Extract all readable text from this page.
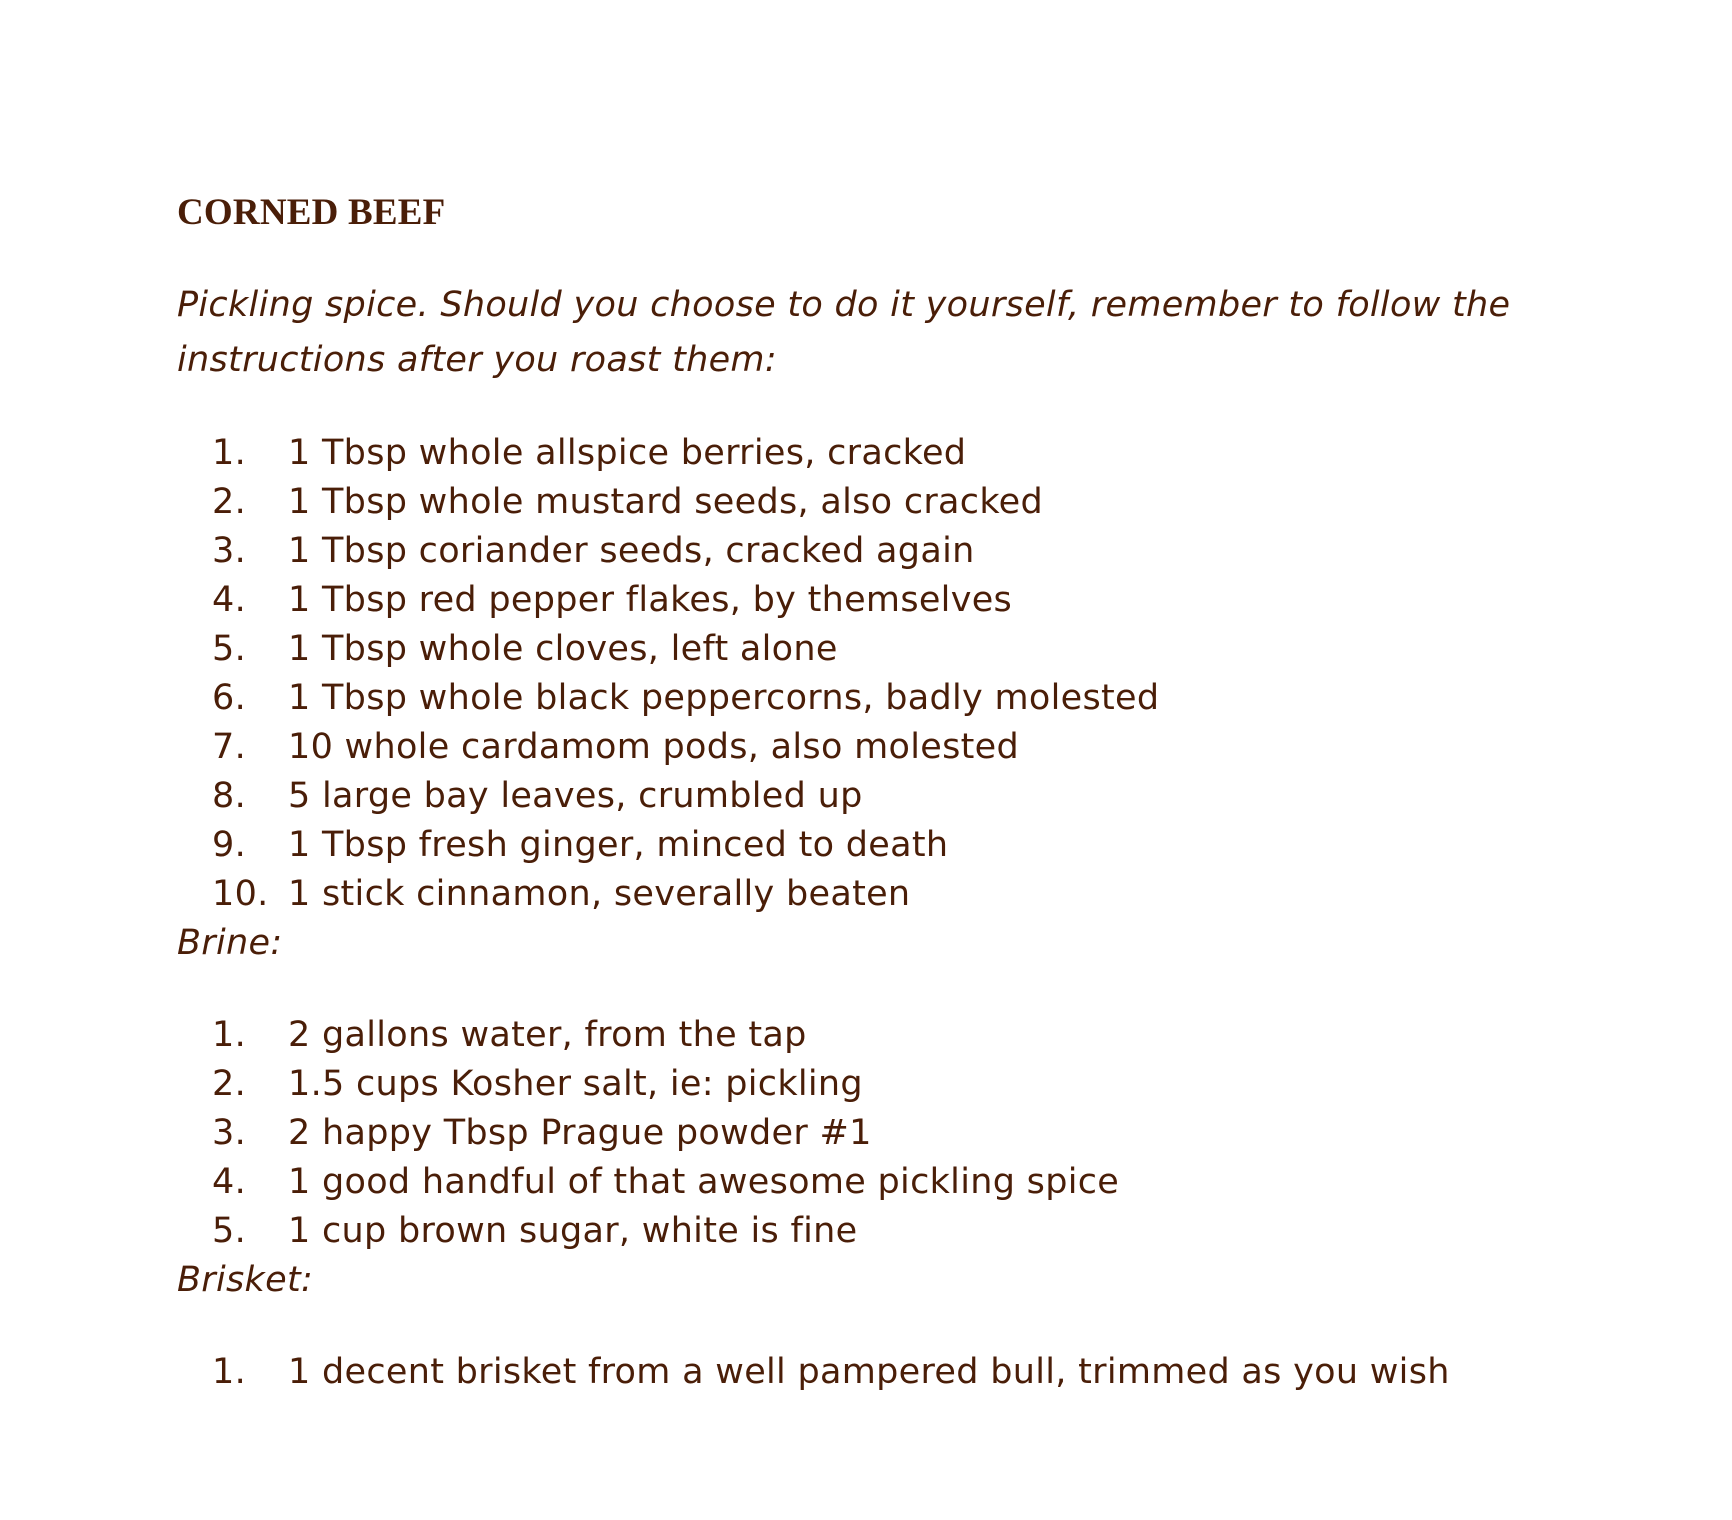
CORNED BEEF

Pickling spice. Should you choose to do it yourself, remember to follow the instructions after you roast them:

1.	1 Tbsp whole allspice berries, cracked
2.	1 Tbsp whole mustard seeds, also cracked
3.	1 Tbsp coriander seeds, cracked again
4.	1 Tbsp red pepper flakes, by themselves
5.	1 Tbsp whole cloves, left alone
6.	1 Tbsp whole black peppercorns, badly molested
7.	10 whole cardamom pods, also molested
8.	5 large bay leaves, crumbled up
9.	1 Tbsp fresh ginger, minced to death
10. 1 stick cinnamon, severally beaten

Brine:

1.	2 gallons water, from the tap
2.	1.5 cups Kosher salt, ie: pickling
3.	2 happy Tbsp Prague powder #1
4.	1 good handful of that awesome pickling spice
5.	1 cup brown sugar, white is fine

Brisket:

1.	1 decent brisket from a well pampered bull, trimmed as you wish
